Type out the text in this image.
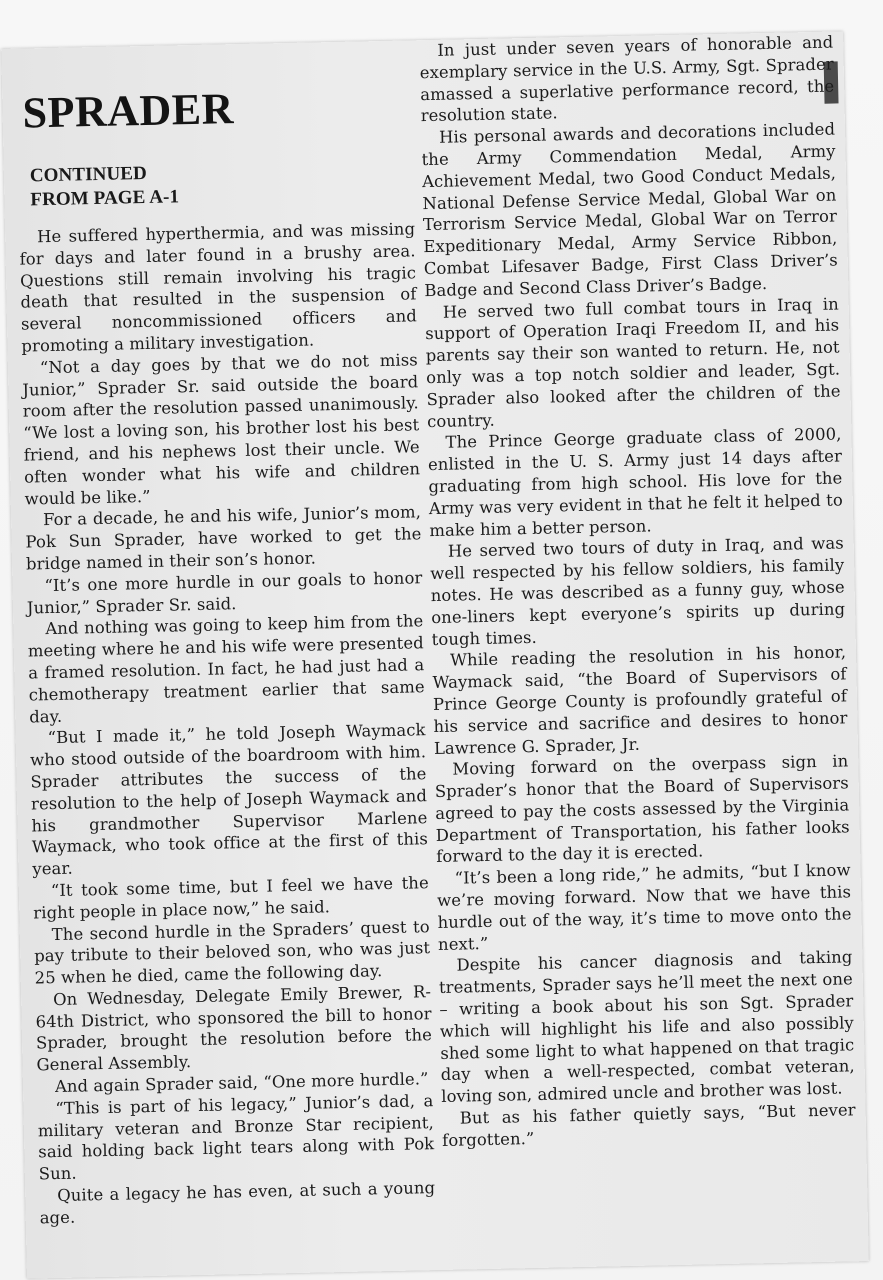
SPRADER
CONTINUED
FROM PAGE A-1

He suffered hyperthermia, and was missing for days and later found in a brushy area. Questions still remain involving his tragic death that resulted in the suspension of several noncommissioned officers and promoting a military investigation.

“Not a day goes by that we do not miss Junior,” Sprader Sr. said outside the board room after the resolution passed unanimously. “We lost a loving son, his brother lost his best friend, and his nephews lost their uncle. We often wonder what his wife and children would be like.”

For a decade, he and his wife, Junior’s mom, Pok Sun Sprader, have worked to get the bridge named in their son’s honor.

“It’s one more hurdle in our goals to honor Junior,” Sprader Sr. said.

And nothing was going to keep him from the meeting where he and his wife were presented a framed resolution. In fact, he had just had a chemotherapy treatment earlier that same day.

“But I made it,” he told Joseph Waymack who stood outside of the boardroom with him. Sprader attributes the success of the resolution to the help of Joseph Waymack and his grandmother Supervisor Marlene Waymack, who took office at the first of this year.

“It took some time, but I feel we have the right people in place now,” he said.

The second hurdle in the Spraders’ quest to pay tribute to their beloved son, who was just 25 when he died, came the following day.

On Wednesday, Delegate Emily Brewer, R-64th District, who sponsored the bill to honor Sprader, brought the resolution before the General Assembly.

And again Sprader said, “One more hurdle.”

“This is part of his legacy,” Junior’s dad, a military veteran and Bronze Star recipient, said holding back light tears along with Pok Sun.

Quite a legacy he has even, at such a young age.

In just under seven years of honorable and exemplary service in the U.S. Army, Sgt. Sprader amassed a superlative performance record, the resolution state.

His personal awards and decorations included the Army Commendation Medal, Army Achievement Medal, two Good Conduct Medals, National Defense Service Medal, Global War on Terrorism Service Medal, Global War on Terror Expeditionary Medal, Army Service Ribbon, Combat Lifesaver Badge, First Class Driver’s Badge and Second Class Driver’s Badge.

He served two full combat tours in Iraq in support of Operation Iraqi Freedom II, and his parents say their son wanted to return. He, not only was a top notch soldier and leader, Sgt. Sprader also looked after the children of the country.

The Prince George graduate class of 2000, enlisted in the U. S. Army just 14 days after graduating from high school. His love for the Army was very evident in that he felt it helped to make him a better person.

He served two tours of duty in Iraq, and was well respected by his fellow soldiers, his family notes. He was described as a funny guy, whose one-liners kept everyone’s spirits up during tough times.

While reading the resolution in his honor, Waymack said, “the Board of Supervisors of Prince George County is profoundly grateful of his service and sacrifice and desires to honor Lawrence G. Sprader, Jr.

Moving forward on the overpass sign in Sprader’s honor that the Board of Supervisors agreed to pay the costs assessed by the Virginia Department of Transportation, his father looks forward to the day it is erected.

“It’s been a long ride,” he admits, “but I know we’re moving forward. Now that we have this hurdle out of the way, it’s time to move onto the next.”

Despite his cancer diagnosis and taking treatments, Sprader says he’ll meet the next one – writing a book about his son Sgt. Sprader which will highlight his life and also possibly shed some light to what happened on that tragic day when a well-respected, combat veteran, loving son, admired uncle and brother was lost.

But as his father quietly says, “But never forgotten.”
